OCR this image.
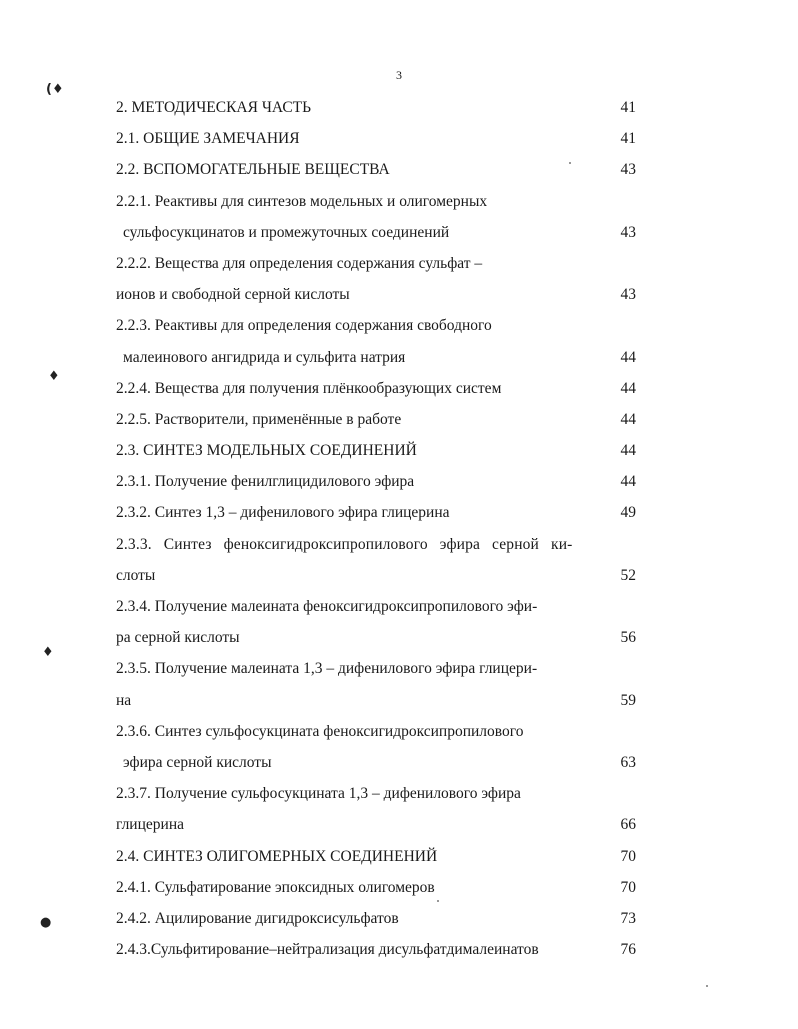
3
(♦
♦
♦
●
2. МЕТОДИЧЕСКАЯ ЧАСТЬ	41
2.1. ОБЩИЕ ЗАМЕЧАНИЯ	41
2.2. ВСПОМОГАТЕЛЬНЫЕ ВЕЩЕСТВА	43
2.2.1. Реактивы для синтезов модельных и олигомерных
сульфосукцинатов и промежуточных соединений	43
2.2.2. Вещества для определения содержания сульфат –
ионов и свободной серной кислоты	43
2.2.3. Реактивы для определения содержания свободного
малеинового ангидрида и сульфита натрия	44
2.2.4. Вещества для получения плёнкообразующих систем	44
2.2.5. Растворители, применённые в работе	44
2.3. СИНТЕЗ МОДЕЛЬНЫХ СОЕДИНЕНИЙ	44
2.3.1. Получение фенилглицидилового эфира	44
2.3.2. Синтез 1,3 – дифенилового эфира глицерина	49
2.3.3. Синтез феноксигидроксипропилового эфира серной ки-
слоты	52
2.3.4. Получение малеината феноксигидроксипропилового эфи-
ра серной кислоты	56
2.3.5. Получение малеината 1,3 – дифенилового эфира глицери-
на	59
2.3.6. Синтез сульфосукцината феноксигидроксипропилового
эфира серной кислоты	63
2.3.7. Получение сульфосукцината 1,3 – дифенилового эфира
глицерина	66
2.4. СИНТЕЗ ОЛИГОМЕРНЫХ СОЕДИНЕНИЙ	70
2.4.1. Сульфатирование эпоксидных олигомеров	70
2.4.2. Ацилирование дигидроксисульфатов	73
2.4.3.Сульфитирование–нейтрализация дисульфатдималеинатов	76
